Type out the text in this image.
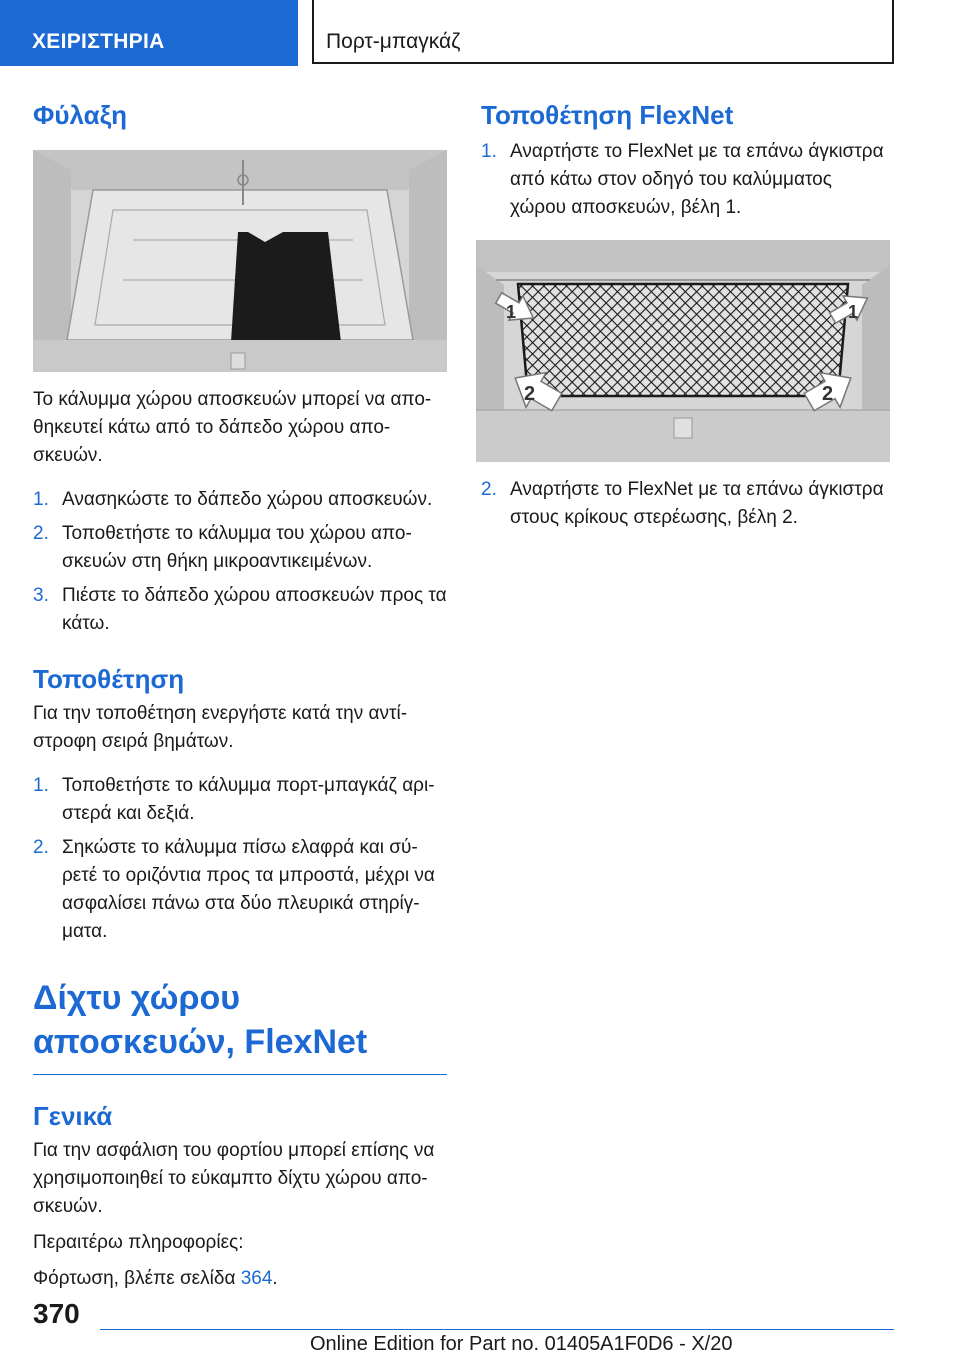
ΧΕΙΡΙΣΤΗΡΙΑ	Πορτ-μπαγκάζ
Φύλαξη

Το κάλυμμα χώρου αποσκευών μπορεί να απο-θηκευτεί κάτω από το δάπεδο χώρου απο-σκευών.

1. Ανασηκώστε το δάπεδο χώρου αποσκευών.
2. Τοποθετήστε το κάλυμμα του χώρου απο-σκευών στη θήκη μικροαντικειμένων.
3. Πιέστε το δάπεδο χώρου αποσκευών προς τα κάτω.
Τοποθέτηση

Για την τοποθέτηση ενεργήστε κατά την αντί-στροφη σειρά βημάτων.

1. Τοποθετήστε το κάλυμμα πορτ-μπαγκάζ αρι-στερά και δεξιά.
2. Σηκώστε το κάλυμμα πίσω ελαφρά και σύ-ρετέ το οριζόντια προς τα μπροστά, μέχρι να ασφαλίσει πάνω στα δύο πλευρικά στηρίγ-ματα.
Δίχτυ χώρου αποσκευών, FlexNet
Γενικά

Για την ασφάλιση του φορτίου μπορεί επίσης να χρησιμοποιηθεί το εύκαμπτο δίχτυ χώρου απο-σκευών.

Περαιτέρω πληροφορίες:

Φόρτωση, βλέπε σελίδα 364.

Τοποθέτηση FlexNet
1. Αναρτήστε το FlexNet με τα επάνω άγκιστρα από κάτω στον οδηγό του καλύμματος χώρου αποσκευών, βέλη 1.
1	1
2	2
2. Αναρτήστε το FlexNet με τα επάνω άγκιστρα στους κρίκους στερέωσης, βέλη 2.
370
Online Edition for Part no. 01405A1F0D6 - X/20
